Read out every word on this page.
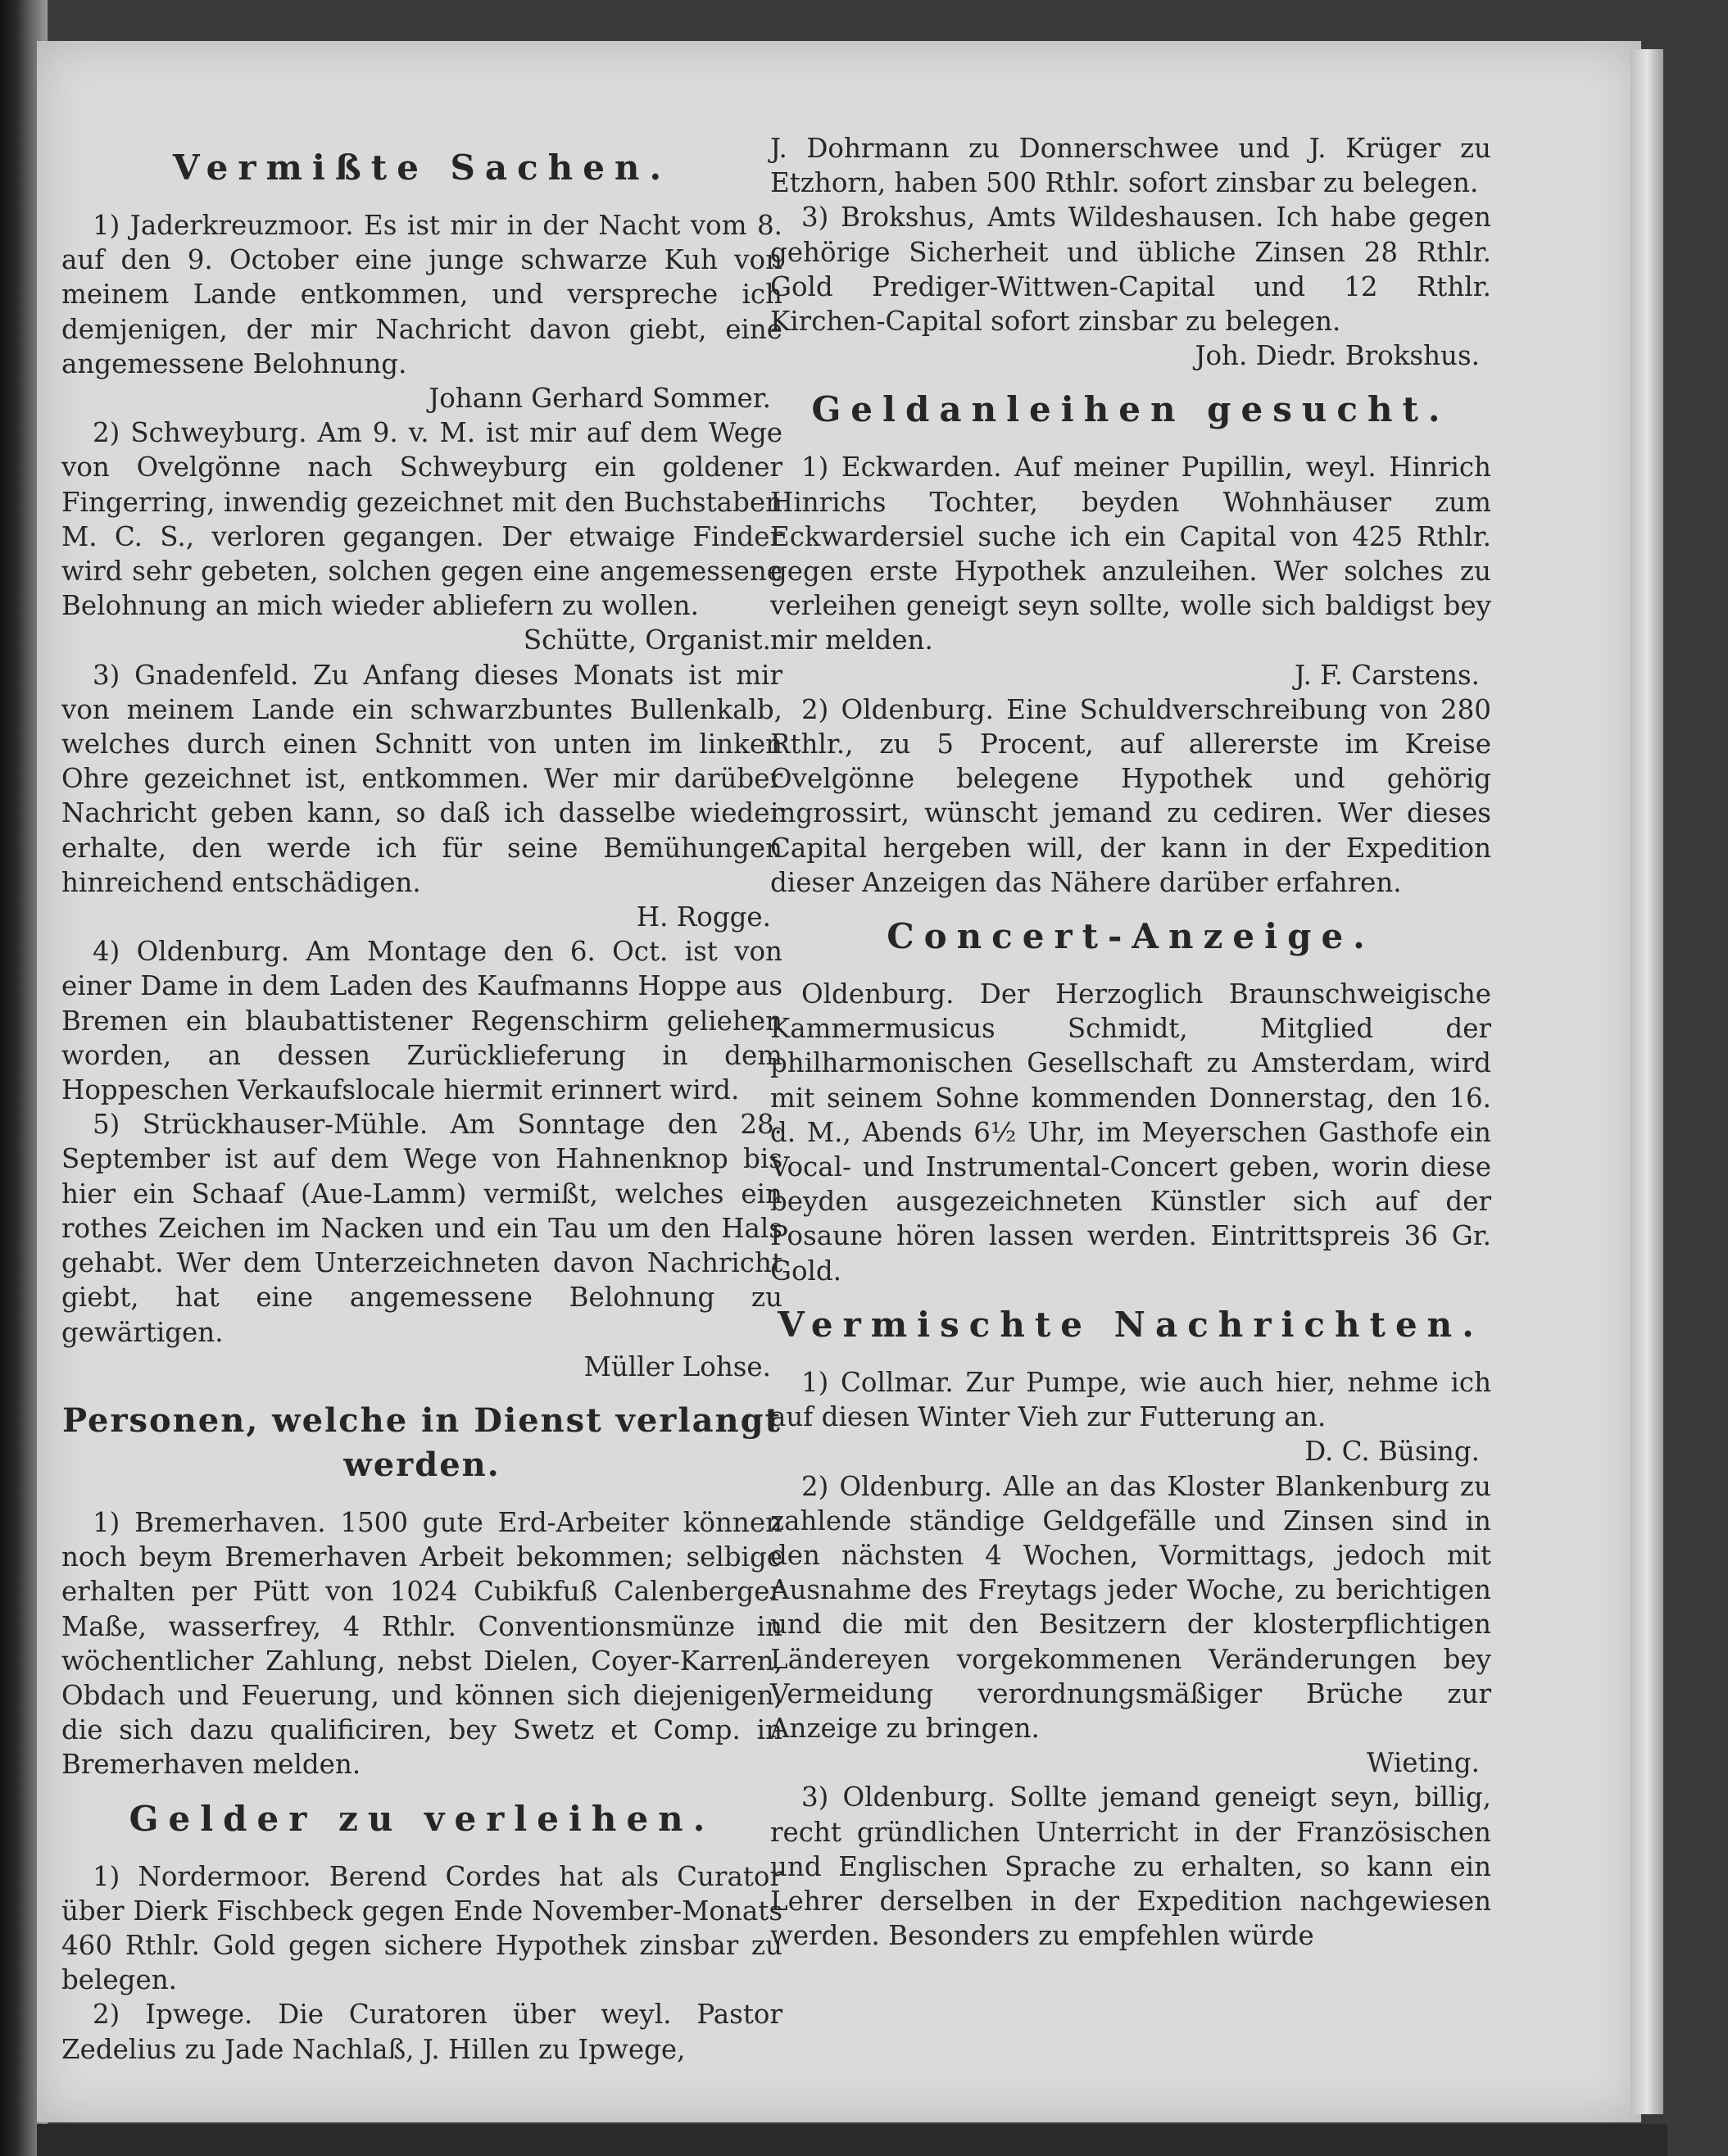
Vermißte Sachen.

1) Jaderkreuzmoor. Es ist mir in der Nacht vom 8. auf den 9. October eine junge schwarze Kuh von meinem Lande entkommen, und verspreche ich demjenigen, der mir Nachricht davon giebt, eine angemessene Belohnung.

Johann Gerhard Sommer.

2) Schweyburg. Am 9. v. M. ist mir auf dem Wege von Ovelgönne nach Schweyburg ein goldener Fingerring, inwendig gezeichnet mit den Buchstaben M. C. S., verloren gegangen. Der etwaige Finder wird sehr gebeten, solchen gegen eine angemessene Belohnung an mich wieder abliefern zu wollen.

Schütte, Organist.

3) Gnadenfeld. Zu Anfang dieses Monats ist mir von meinem Lande ein schwarzbuntes Bullenkalb, welches durch einen Schnitt von unten im linken Ohre gezeichnet ist, entkommen. Wer mir darüber Nachricht geben kann, so daß ich dasselbe wieder erhalte, den werde ich für seine Bemühungen hinreichend entschädigen.

H. Rogge.

4) Oldenburg. Am Montage den 6. Oct. ist von einer Dame in dem Laden des Kaufmanns Hoppe aus Bremen ein blaubattistener Regenschirm geliehen worden, an dessen Zurücklieferung in dem Hoppeschen Verkaufslocale hiermit erinnert wird.

5) Strückhauser-Mühle. Am Sonntage den 28. September ist auf dem Wege von Hahnenknop bis hier ein Schaaf (Aue-Lamm) vermißt, welches ein rothes Zeichen im Nacken und ein Tau um den Hals gehabt. Wer dem Unterzeichneten davon Nachricht giebt, hat eine angemessene Belohnung zu gewärtigen.

Müller Lohse.

Personen, welche in Dienst verlangt werden.

1) Bremerhaven. 1500 gute Erd-Arbeiter können noch beym Bremerhaven Arbeit bekommen; selbige erhalten per Pütt von 1024 Cubikfuß Calenberger Maße, wasserfrey, 4 Rthlr. Conventionsmünze in wöchentlicher Zahlung, nebst Dielen, Coyer-Karren, Obdach und Feuerung, und können sich diejenigen, die sich dazu qualificiren, bey Swetz et Comp. in Bremerhaven melden.

Gelder zu verleihen.

1) Nordermoor. Berend Cordes hat als Curator über Dierk Fischbeck gegen Ende November-Monats 460 Rthlr. Gold gegen sichere Hypothek zinsbar zu belegen.

2) Ipwege. Die Curatoren über weyl. Pastor Zedelius zu Jade Nachlaß, J. Hillen zu Ipwege,

J. Dohrmann zu Donnerschwee und J. Krüger zu Etzhorn, haben 500 Rthlr. sofort zinsbar zu belegen.

3) Brokshus, Amts Wildeshausen. Ich habe gegen gehörige Sicherheit und übliche Zinsen 28 Rthlr. Gold Prediger-Wittwen-Capital und 12 Rthlr. Kirchen-Capital sofort zinsbar zu belegen.

Joh. Diedr. Brokshus.

Geldanleihen gesucht.

1) Eckwarden. Auf meiner Pupillin, weyl. Hinrich Hinrichs Tochter, beyden Wohnhäuser zum Eckwardersiel suche ich ein Capital von 425 Rthlr. gegen erste Hypothek anzuleihen. Wer solches zu verleihen geneigt seyn sollte, wolle sich baldigst bey mir melden.

J. F. Carstens.

2) Oldenburg. Eine Schuldverschreibung von 280 Rthlr., zu 5 Procent, auf allererste im Kreise Ovelgönne belegene Hypothek und gehörig ingrossirt, wünscht jemand zu cediren. Wer dieses Capital hergeben will, der kann in der Expedition dieser Anzeigen das Nähere darüber erfahren.

Concert-Anzeige.

Oldenburg. Der Herzoglich Braunschweigische Kammermusicus Schmidt, Mitglied der philharmonischen Gesellschaft zu Amsterdam, wird mit seinem Sohne kommenden Donnerstag, den 16. d. M., Abends 6½ Uhr, im Meyerschen Gasthofe ein Vocal- und Instrumental-Concert geben, worin diese beyden ausgezeichneten Künstler sich auf der Posaune hören lassen werden. Eintrittspreis 36 Gr. Gold.

Vermischte Nachrichten.

1) Collmar. Zur Pumpe, wie auch hier, nehme ich auf diesen Winter Vieh zur Futterung an.

D. C. Büsing.

2) Oldenburg. Alle an das Kloster Blankenburg zu zahlende ständige Geldgefälle und Zinsen sind in den nächsten 4 Wochen, Vormittags, jedoch mit Ausnahme des Freytags jeder Woche, zu berichtigen und die mit den Besitzern der klosterpflichtigen Ländereyen vorgekommenen Veränderungen bey Vermeidung verordnungsmäßiger Brüche zur Anzeige zu bringen.

Wieting.

3) Oldenburg. Sollte jemand geneigt seyn, billig, recht gründlichen Unterricht in der Französischen und Englischen Sprache zu erhalten, so kann ein Lehrer derselben in der Expedition nachgewiesen werden. Besonders zu empfehlen würde
